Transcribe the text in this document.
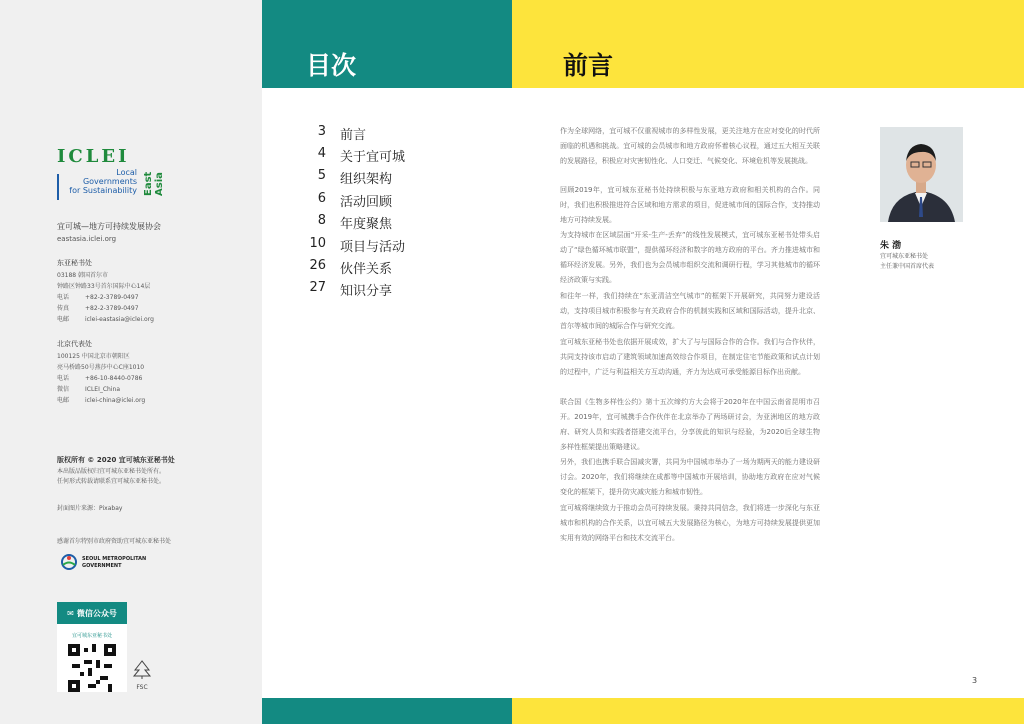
ICLEI
Local
Governments
for Sustainability East Asia
宜可城—地方可持续发展协会
eastasia.iclei.org
东亚秘书处
03188 韩国首尔市
钟路区钟路33号首尔国际中心14层
电话	+82-2-3789-0497
传真	+82-2-3789-0497
电邮	iclei-eastasia@iclei.org
北京代表处
100125 中国北京市朝阳区
亮马桥路50号燕莎中心C座1010
电话	+86-10-8440-0786
微信	ICLEI_China
电邮	iclei-china@iclei.org
版权所有 © 2020 宜可城东亚秘书处
本出版品版权归宜可城东亚秘书处所有。
任何形式转载请联系宜可城东亚秘书处。
封面图片来源：Pixabay
感谢首尔特别市政府资助宜可城东亚秘书处
SEOUL METROPOLITAN
GOVERNMENT
✉ 微信公众号
宜可城东亚秘书处
FSC
目次	前言
3 前言
4 关于宜可城
5 组织架构
6 活动回顾
8 年度聚焦
10 项目与活动
26 伙伴关系
27 知识分享
作为全球网络，宜可城不仅重视城市的多样性发展，更关注地方在应对变化的时代所面临的机遇和挑战。宜可城的会员城市和地方政府怀着核心议程，通过五大相互关联的发展路径，积极应对灾害韧性化、人口变迁、气候变化、环境危机等发展挑战。
回顾2019年，宜可城东亚秘书处持续积极与东亚地方政府和相关机构的合作。同时，我们也积极推进符合区域和地方需求的项目，促进城市间的国际合作，支持推动地方可持续发展。
为支持城市在区域层面“开采-生产-丢弃”的线性发展模式，宜可城东亚秘书处带头启动了“绿色循环城市联盟”，提供循环经济和数字的地方政府的平台。齐力推进城市和循环经济发展。另外，我们也为会员城市组织交流和调研行程，学习其他城市的循环经济政策与实践。
和往年一样，我们持续在“东亚清洁空气城市”的框架下开展研究，共同努力建设活动，支持项目城市积极参与有关政府合作的机制实践和区域和国际活动，提升北京、首尔等城市间的城际合作与研究交流。
宜可城东亚秘书处也依据开展成效，扩大了与与国际合作的合作。我们与合作伙伴，共同支持该市启动了建筑领域加速高效综合作项目，在制定住宅节能政策和试点计划的过程中，广泛与利益相关方互动沟通，齐力为达成可承受能源目标作出贡献。
联合国《生物多样性公约》第十五次缔约方大会将于2020年在中国云南省昆明市召开。2019年，宜可城携手合作伙伴在北京举办了两场研讨会，为亚洲地区的地方政府、研究人员和实践者搭建交流平台，分享彼此的知识与经验，为2020后全球生物多样性框架提出策略建议。
另外，我们也携手联合国减灾署，共同为中国城市举办了一场为期两天的能力建设研讨会。2020年，我们将继续在成都等中国城市开展培训，协助地方政府在应对气候变化的框架下，提升防灾减灾能力和城市韧性。
宜可城将继续致力于推动会员可持续发展。秉持共同信念，我们将进一步深化与东亚城市和机构的合作关系，以宜可城五大发展路径为核心，为地方可持续发展提供更加实用有效的网络平台和技术交流平台。
朱 渤
宜可城东亚秘书处
主任兼中国首席代表
3
